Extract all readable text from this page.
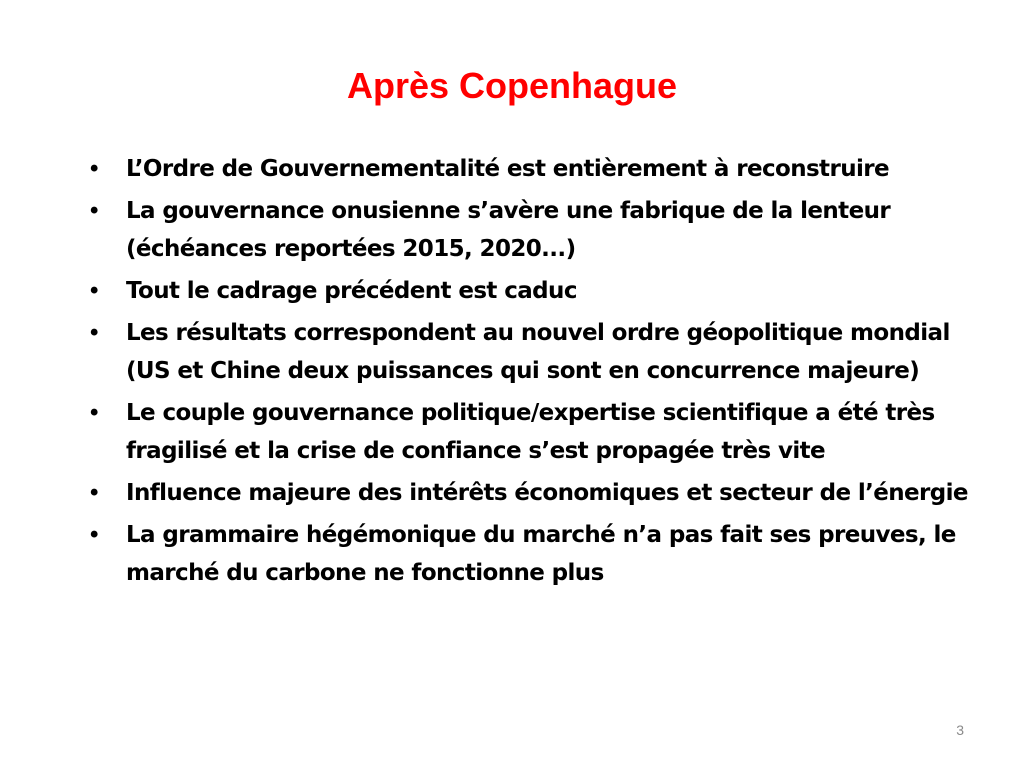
Après Copenhague
• L’Ordre de Gouvernementalité est entièrement à reconstruire
• La gouvernance onusienne s’avère une fabrique de la lenteur (échéances reportées 2015, 2020...)
• Tout le cadrage précédent est caduc
• Les résultats correspondent au nouvel ordre géopolitique mondial (US et Chine deux puissances qui sont en concurrence majeure)
• Le couple gouvernance politique/expertise scientifique a été très fragilisé et la crise de confiance s’est propagée très vite
• Influence majeure des intérêts économiques et secteur de l’énergie
• La grammaire hégémonique du marché n’a pas fait ses preuves, le marché du carbone ne fonctionne plus
3
